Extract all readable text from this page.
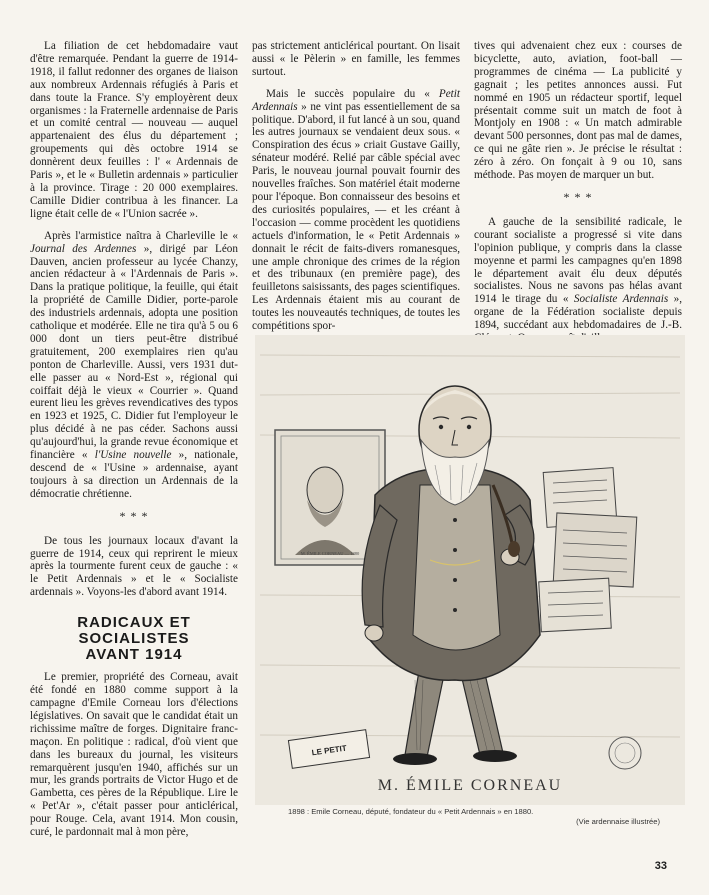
La filiation de cet hebdomadaire vaut d'être remarquée. Pendant la guerre de 1914-1918, il fallut redonner des organes de liaison aux nombreux Ardennais réfugiés à Paris et dans toute la France. S'y employèrent deux organismes : la Fraternelle ardennaise de Paris et un comité central — nouveau — auquel appartenaient des élus du département ; groupements qui dès octobre 1914 se donnèrent deux feuilles : l' « Ardennais de Paris », et le « Bulletin ardennais » particulier à la province. Tirage : 20 000 exemplaires. Camille Didier contribua à les financer. La ligne était celle de « l'Union sacrée ».

Après l'armistice naîtra à Charleville le « Journal des Ardennes », dirigé par Léon Dauven, ancien professeur au lycée Chanzy, ancien rédacteur à « l'Ardennais de Paris ». Dans la pratique politique, la feuille, qui était la propriété de Camille Didier, porte-parole des industriels ardennais, adopta une position catholique et modérée. Elle ne tira qu'à 5 ou 6 000 dont un tiers peut-être distribué gratuitement, 200 exemplaires rien qu'au ponton de Charleville. Aussi, vers 1931 dut-elle passer au « Nord-Est », régional qui coiffait déjà le vieux « Courrier ». Quand eurent lieu les grèves revendicatives des typos en 1923 et 1925, C. Didier fut l'employeur le plus décidé à ne pas céder. Sachons aussi qu'aujourd'hui, la grande revue économique et financière « l'Usine nouvelle », nationale, descend de « l'Usine » ardennaise, ayant toujours à sa direction un Ardennais de la démocratie chrétienne.

* * *

De tous les journaux locaux d'avant la guerre de 1914, ceux qui reprirent le mieux après la tourmente furent ceux de gauche : « le Petit Ardennais » et le « Socialiste ardennais ». Voyons-les d'abord avant 1914.

RADICAUX ET SOCIALISTES
AVANT 1914

Le premier, propriété des Corneau, avait été fondé en 1880 comme support à la campagne d'Emile Corneau lors d'élections législatives. On savait que le candidat était un richissime maître de forges. Dignitaire franc-maçon. En politique : radical, d'où vient que dans les bureaux du journal, les visiteurs remarquèrent jusqu'en 1940, affichés sur un mur, les grands portraits de Victor Hugo et de Gambetta, ces pères de la République. Lire le « Pet'Ar », c'était passer pour anticlérical, pour Rouge. Cela, avant 1914. Mon cousin, curé, le pardonnait mal à mon père,

pas strictement anticlérical pourtant. On lisait aussi « le Pèlerin » en famille, les femmes surtout.

Mais le succès populaire du « Petit Ardennais » ne vint pas essentiellement de sa politique. D'abord, il fut lancé à un sou, quand les autres journaux se vendaient deux sous. « Conspiration des écus » criait Gustave Gailly, sénateur modéré. Relié par câble spécial avec Paris, le nouveau journal pouvait fournir des nouvelles fraîches. Son matériel était moderne pour l'époque. Bon connaisseur des besoins et des curiosités populaires, — et les créant à l'occasion — comme procèdent les quotidiens actuels d'information, le « Petit Ardennais » donnait le récit de faits-divers romanesques, une ample chronique des crimes de la région et des tribunaux (en première page), des feuilletons saisissants, des pages scientifiques. Les Ardennais étaient mis au courant de toutes les nouveautés techniques, de toutes les compétitions spor-

tives qui advenaient chez eux : courses de bicyclette, auto, aviation, foot-ball — programmes de cinéma — La publicité y gagnait ; les petites annonces aussi. Fut nommé en 1905 un rédacteur sportif, lequel présentait comme suit un match de foot à Montjoly en 1908 : « Un match admirable devant 500 personnes, dont pas mal de dames, ce qui ne gâte rien ». Je précise le résultat : zéro à zéro. On fonçait à 9 ou 10, sans méthode. Pas moyen de marquer un but.

* * *

A gauche de la sensibilité radicale, le courant socialiste a progressé si vite dans l'opinion publique, y compris dans la classe moyenne et parmi les campagnes qu'en 1898 le département avait élu deux députés socialistes. Nous ne savons pas hélas avant 1914 le tirage du « Socialiste Ardennais », organe de la Fédération socialiste depuis 1894, succédant aux hebdomadaires de J.-B.

M. ÉMILE CORNEAU — 1880
LE PETIT
M. ÉMILE CORNEAU
1898 : Emile Corneau, député, fondateur du « Petit Ardennais » en 1880.
(Vie ardennaise illustrée)
33
